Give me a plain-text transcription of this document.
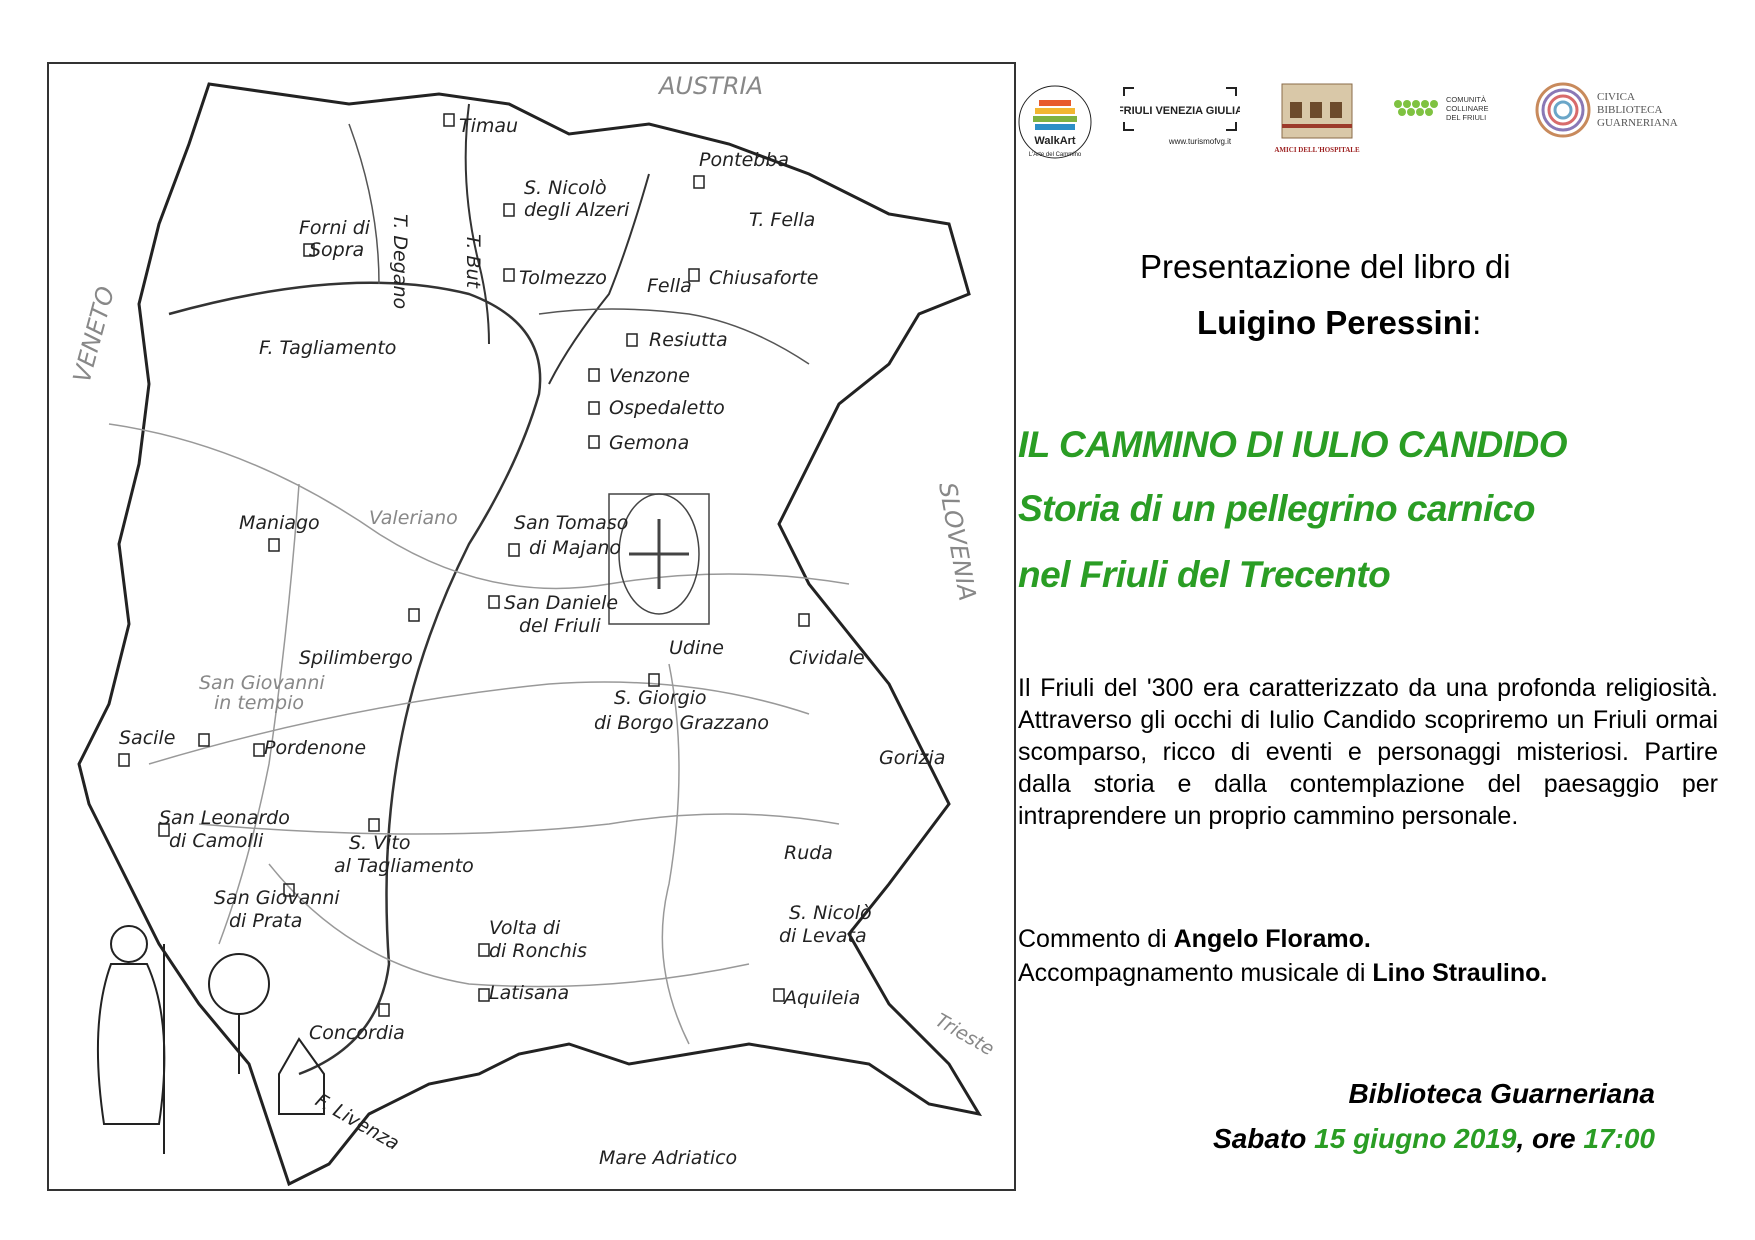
AUSTRIA
VENETO
SLOVENIA
Timau
T. But
S. Nicolò
degli Alzeri
Pontebba
T. Fella
Forni di
Sopra T. Degano	Tolmezzo Fella Chiusaforte
Resiutta
F. Tagliamento
Venzone
Ospedaletto
Gemona
Maniago	Valeriano	San Tomaso
di Majano
San Daniele
del Friuli
Spilimbergo	Udine	Cividale
S. Giorgio
di Borgo Grazzano
San Giovanni
in tempio
Sacile	Pordenone	Gorizia
San Leonardo
di Camolli	S. Vito
al Tagliamento
Ruda
San Giovanni
di Prata	Volta di
di Ronchis
S. Nicolò
di Levata
Latisana	Aquileia
Concordia
F. Livenza
Trieste
Mare Adriatico
WalkArt
L'Arte del Cammino
FRIULI VENEZIA GIULIA
www.turismofvg.it
AMICI DELL'HOSPITALE
COMUNITÀ
COLLINARE
DEL FRIULI
CIVICA
BIBLIOTECA
GUARNERIANA
Presentazione del libro di
Luigino Peressini:
IL CAMMINO DI IULIO CANDIDO
Storia di un pellegrino carnico
nel Friuli del Trecento
Il Friuli del '300 era caratterizzato da una profonda religiosità. Attraverso gli occhi di Iulio Candido scopriremo un Friuli ormai scomparso, ricco di eventi e personaggi misteriosi. Partire dalla storia e dalla contemplazione del paesaggio per intraprendere un proprio cammino personale.
Commento di Angelo Floramo.
Accompagnamento musicale di Lino Straulino.
Biblioteca Guarneriana
Sabato 15 giugno 2019, ore 17:00
